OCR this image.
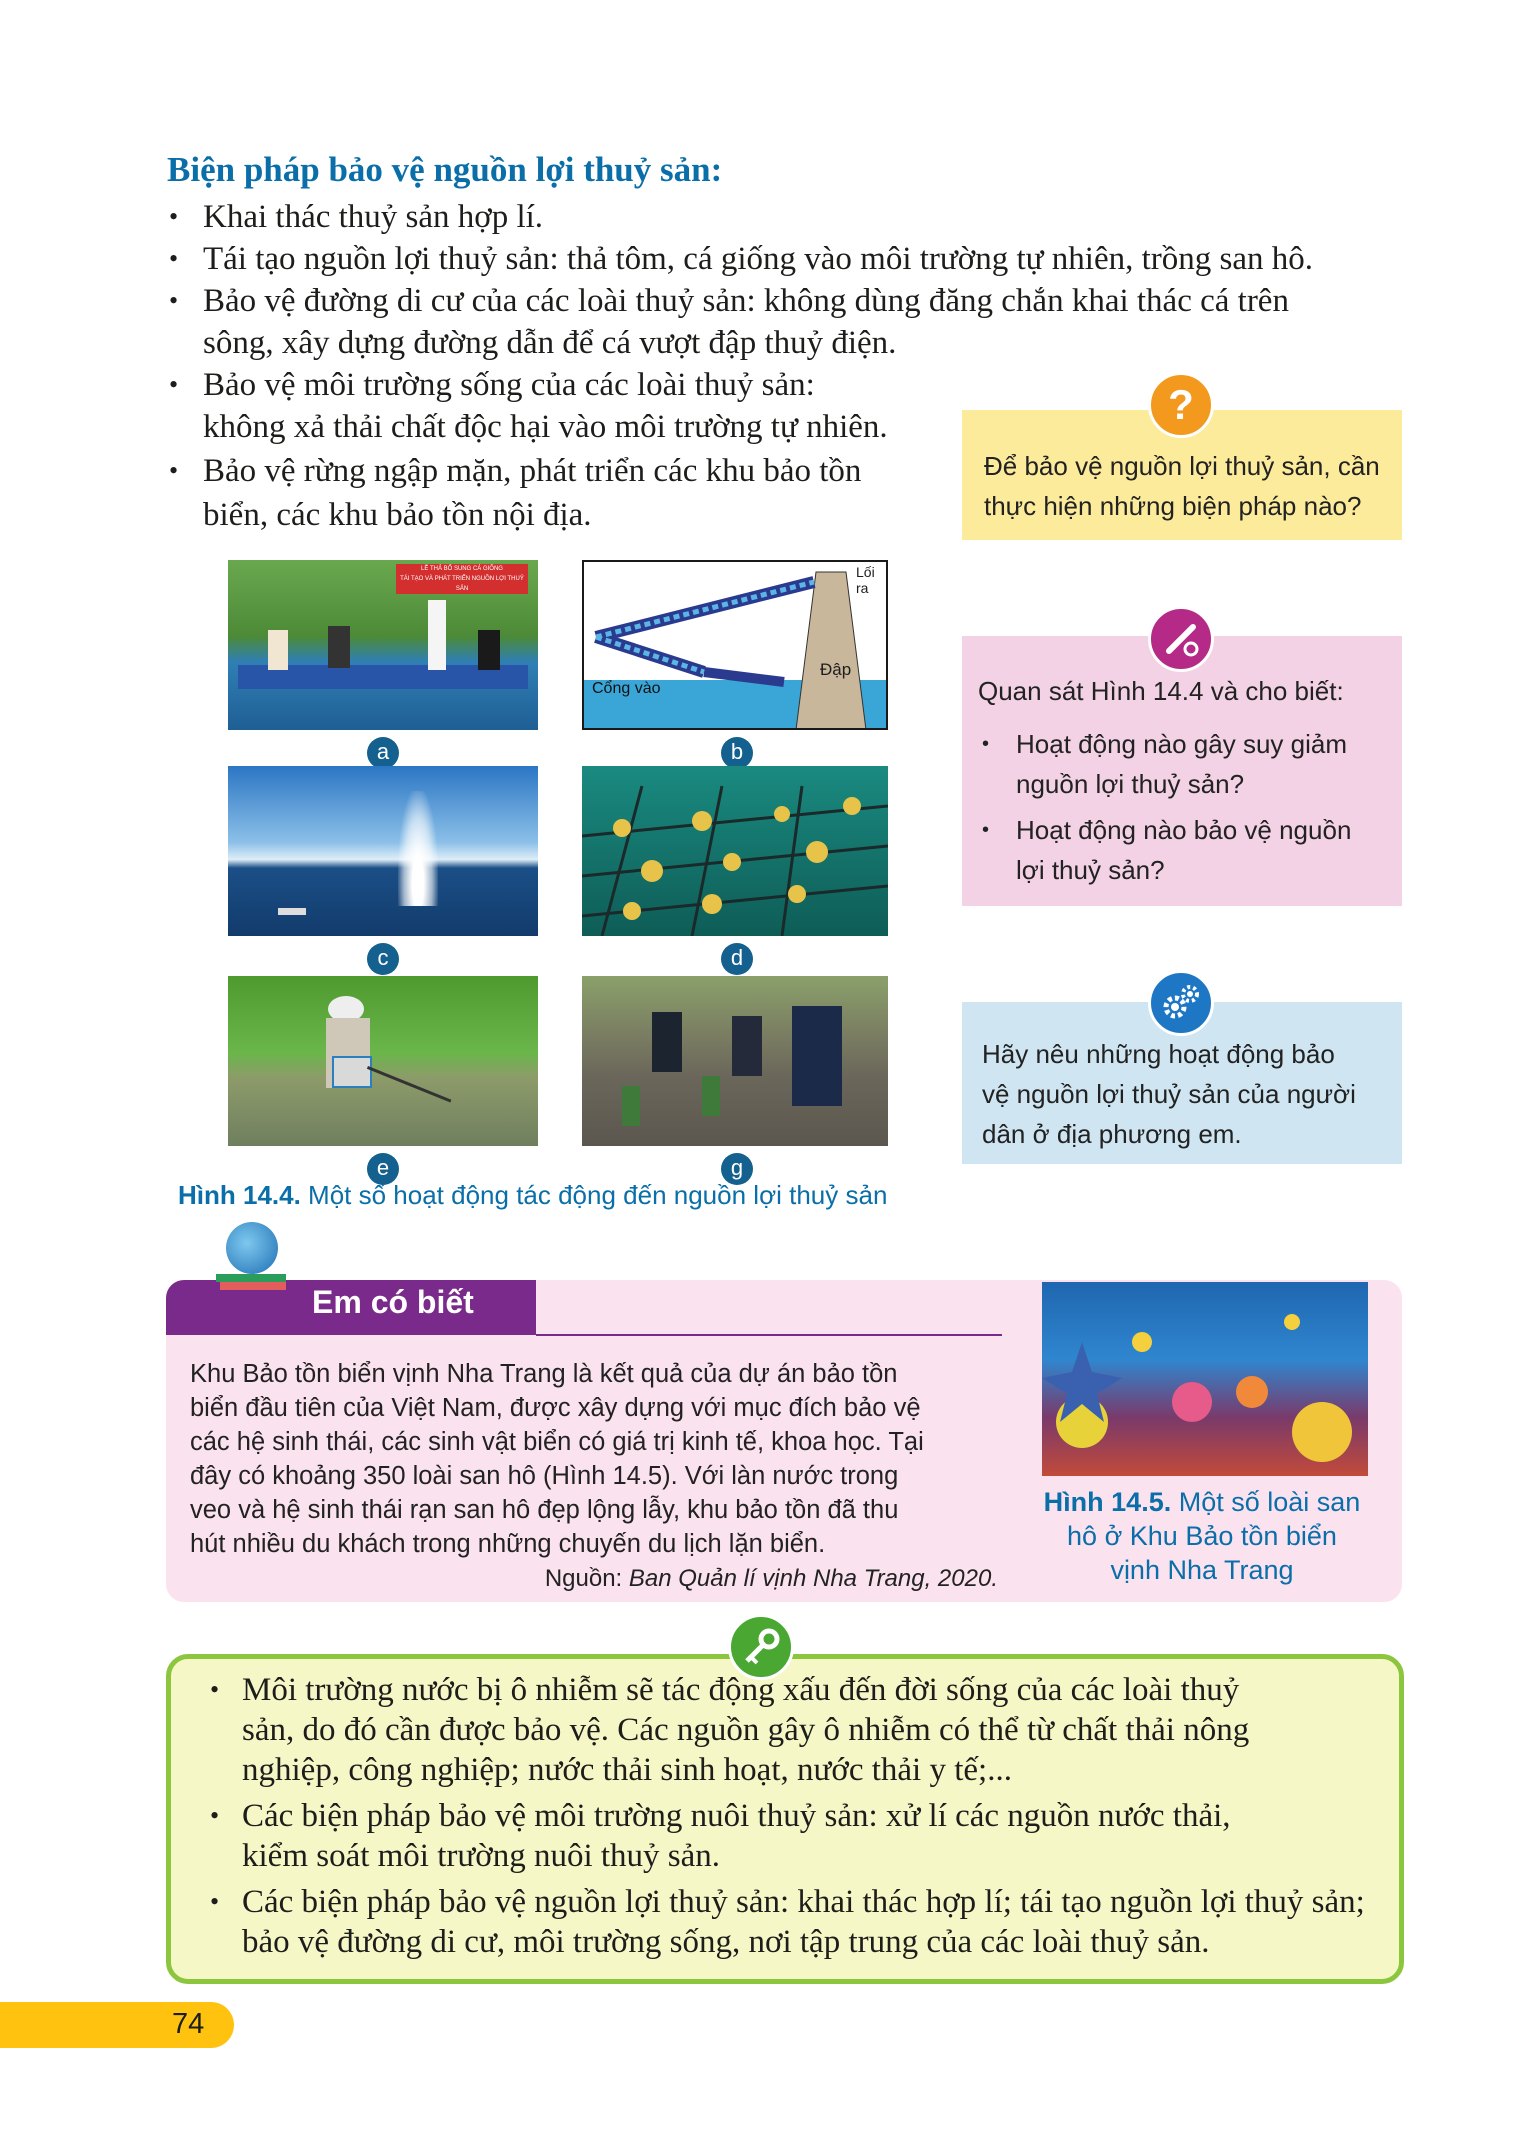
Biện pháp bảo vệ nguồn lợi thuỷ sản:
• Khai thác thuỷ sản hợp lí.
• Tái tạo nguồn lợi thuỷ sản: thả tôm, cá giống vào môi trường tự nhiên, trồng san hô.
• Bảo vệ đường di cư của các loài thuỷ sản: không dùng đăng chắn khai thác cá trên
sông, xây dựng đường dẫn để cá vượt đập thuỷ điện.
• Bảo vệ môi trường sống của các loài thuỷ sản:
không xả thải chất độc hại vào môi trường tự nhiên.
• Bảo vệ rừng ngập mặn, phát triển các khu bảo tồn
biển, các khu bảo tồn nội địa.
Để bảo vệ nguồn lợi thuỷ sản, cần
thực hiện những biện pháp nào?
?
Quan sát Hình 14.4 và cho biết:
• Hoạt động nào gây suy giảm
nguồn lợi thuỷ sản?
• Hoạt động nào bảo vệ nguồn
lợi thuỷ sản?
Hãy nêu những hoạt động bảo
vệ nguồn lợi thuỷ sản của người
dân ở địa phương em.
LỄ THẢ BỔ SUNG CÁ GIỐNG
TÁI TẠO VÀ PHÁT TRIỂN NGUỒN LỢI THUỶ SẢN
a
Lối ra
Cổng vào
Đập
b
c	d
e	g
Hình 14.4. Một số hoạt động tác động đến nguồn lợi thuỷ sản
Em có biết
Khu Bảo tồn biển vịnh Nha Trang là kết quả của dự án bảo tồn
biển đầu tiên của Việt Nam, được xây dựng với mục đích bảo vệ
các hệ sinh thái, các sinh vật biển có giá trị kinh tế, khoa học. Tại
đây có khoảng 350 loài san hô (Hình 14.5). Với làn nước trong
veo và hệ sinh thái rạn san hô đẹp lộng lẫy, khu bảo tồn đã thu
hút nhiều du khách trong những chuyến du lịch lặn biển.
Nguồn: Ban Quản lí vịnh Nha Trang, 2020.
Hình 14.5. Một số loài san hô ở Khu Bảo tồn biển vịnh Nha Trang
• Môi trường nước bị ô nhiễm sẽ tác động xấu đến đời sống của các loài thuỷ
sản, do đó cần được bảo vệ. Các nguồn gây ô nhiễm có thể từ chất thải nông
nghiệp, công nghiệp; nước thải sinh hoạt, nước thải y tế;...
• Các biện pháp bảo vệ môi trường nuôi thuỷ sản: xử lí các nguồn nước thải,
kiểm soát môi trường nuôi thuỷ sản.
• Các biện pháp bảo vệ nguồn lợi thuỷ sản: khai thác hợp lí; tái tạo nguồn lợi thuỷ sản;
bảo vệ đường di cư, môi trường sống, nơi tập trung của các loài thuỷ sản.
74
